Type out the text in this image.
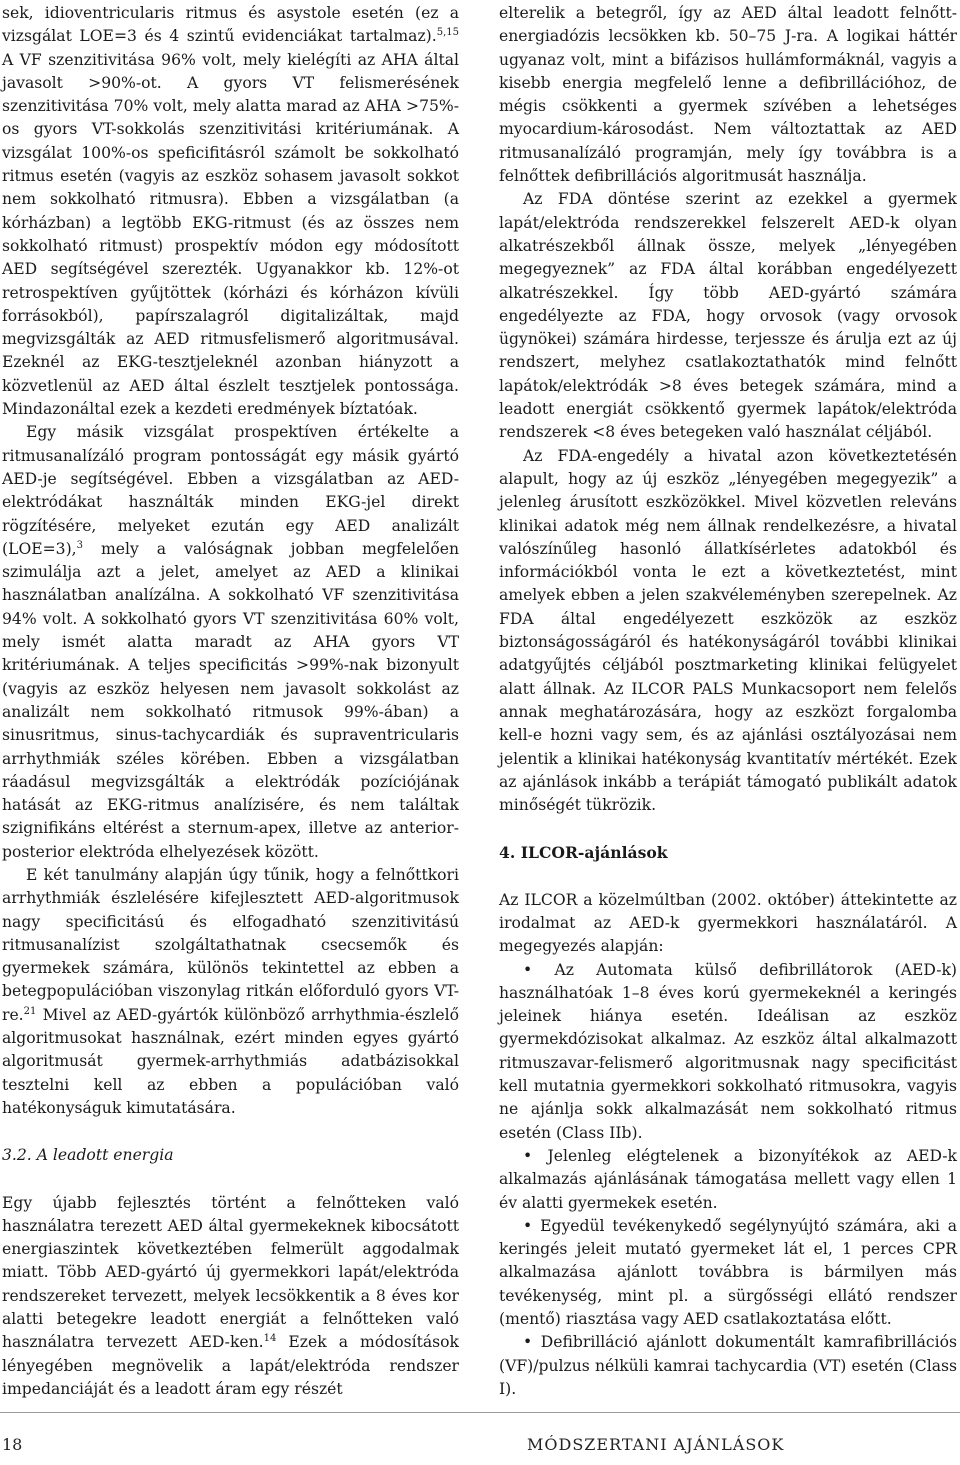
sek, idioventricularis ritmus és asystole esetén (ez a vizsgálat LOE=3 és 4 szintű evidenciákat tartalmaz).$^{5,15}$ A VF szenzitivitása 96% volt, mely kielégíti az AHA által javasolt >90%-ot. A gyors VT felismerésének szenzitivitása 70% volt, mely alatta marad az AHA >75%-os gyors VT-sokkolás szenzitivitási kritériumának. A vizsgálat 100%-os speficifitásról számolt be sokkolható ritmus esetén (vagyis az eszköz sohasem javasolt sokkot nem sokkolható ritmusra). Ebben a vizsgálatban (a kórházban) a legtöbb EKG-ritmust (és az összes nem sokkolható ritmust) prospektív módon egy módosított AED segítségével szerezték. Ugyanakkor kb. 12%-ot retrospektíven gyűjtöttek (kórházi és kórházon kívüli forrásokból), papírszalagról digitalizáltak, majd megvizsgálták az AED ritmusfelismerő algoritmusával. Ezeknél az EKG-tesztjeleknél azonban hiányzott a közvetlenül az AED által észlelt tesztjelek pontossága. Mindazonáltal ezek a kezdeti eredmények bíztatóak.

Egy másik vizsgálat prospektíven értékelte a ritmusanalízáló program pontosságát egy másik gyártó AED-je segítségével. Ebben a vizsgálatban az AED-elektródákat használták minden EKG-jel direkt rögzítésére, melyeket ezután egy AED analizált (LOE=3),$^3$ mely a valóságnak jobban megfelelően szimulálja azt a jelet, amelyet az AED a klinikai használatban analízálna. A sokkolható VF szenzitivitása 94% volt. A sokkolható gyors VT szenzitivitása 60% volt, mely ismét alatta maradt az AHA gyors VT kritériumának. A teljes specificitás >99%-nak bizonyult (vagyis az eszköz helyesen nem javasolt sokkolást az analizált nem sokkolható ritmusok 99%-ában) a sinusritmus, sinus-tachycardiák és supraventricularis arrhythmiák széles körében. Ebben a vizsgálatban ráadásul megvizsgálták a elektródák pozíciójának hatását az EKG-ritmus analízisére, és nem találtak szignifikáns eltérést a sternum-apex, illetve az anterior-posterior elektróda elhelyezések között.

E két tanulmány alapján úgy tűnik, hogy a felnőttkori arrhythmiák észlelésére kifejlesztett AED-algoritmusok nagy specificitású és elfogadható szenzitivitású ritmusanalízist szolgáltathatnak csecsemők és gyermekek számára, különös tekintettel az ebben a betegpopulációban viszonylag ritkán előforduló gyors VT-re.$^{21}$ Mivel az AED-gyártók különböző arrhythmia-észlelő algoritmusokat használnak, ezért minden egyes gyártó algoritmusát gyermek-arrhythmiás adatbázisokkal tesztelni kell az ebben a populációban való hatékonyságuk kimutatására.

3.2. A leadott energia

Egy újabb fejlesztés történt a felnőtteken való használatra terezett AED által gyermekeknek kibocsátott energiaszintek következtében felmerült aggodalmak miatt. Több AED-gyártó új gyermekkori lapát/elektróda rendszereket tervezett, melyek lecsökkentik a 8 éves kor alatti betegekre leadott energiát a felnőtteken való használatra tervezett AED-ken.$^{14}$ Ezek a módosítások lényegében megnövelik a lapát/elektróda rendszer impedanciáját és a leadott áram egy részét

elterelik a betegről, így az AED által leadott felnőtt-energiadózis lecsökken kb. 50–75 J-ra. A logikai háttér ugyanaz volt, mint a bifázisos hullámformáknál, vagyis a kisebb energia megfelelő lenne a defibrillációhoz, de mégis csökkenti a gyermek szívében a lehetséges myocardium-károsodást. Nem változtattak az AED ritmusanalízáló programján, mely így továbbra is a felnőttek defibrillációs algoritmusát használja.

Az FDA döntése szerint az ezekkel a gyermek lapát/elektróda rendszerekkel felszerelt AED-k olyan alkatrészekből állnak össze, melyek „lényegében megegyeznek” az FDA által korábban engedélyezett alkatrészekkel. Így több AED-gyártó számára engedélyezte az FDA, hogy orvosok (vagy orvosok ügynökei) számára hirdesse, terjessze és árulja ezt az új rendszert, melyhez csatlakoztathatók mind felnőtt lapátok/elektródák >8 éves betegek számára, mind a leadott energiát csökkentő gyermek lapátok/elektróda rendszerek <8 éves betegeken való használat céljából.

Az FDA-engedély a hivatal azon következtetésén alapult, hogy az új eszköz „lényegében megegyezik” a jelenleg árusított eszközökkel. Mivel közvetlen releváns klinikai adatok még nem állnak rendelkezésre, a hivatal valószínűleg hasonló állatkísérletes adatokból és információkból vonta le ezt a következtetést, mint amelyek ebben a jelen szakvéleményben szerepelnek. Az FDA által engedélyezett eszközök az eszköz biztonságosságáról és hatékonyságáról további klinikai adatgyűjtés céljából posztmarketing klinikai felügyelet alatt állnak. Az ILCOR PALS Munkacsoport nem felelős annak meghatározására, hogy az eszközt forgalomba kell-e hozni vagy sem, és az ajánlási osztályozásai nem jelentik a klinikai hatékonyság kvantitatív mértékét. Ezek az ajánlások inkább a terápiát támogató publikált adatok minőségét tükrözik.

4. ILCOR-ajánlások

Az ILCOR a közelmúltban (2002. október) áttekintette az irodalmat az AED-k gyermekkori használatáról. A megegyezés alapján:

• Az Automata külső defibrillátorok (AED-k) használhatóak 1–8 éves korú gyermekeknél a keringés jeleinek hiánya esetén. Ideálisan az eszköz gyermekdózisokat alkalmaz. Az eszköz által alkalmazott ritmuszavar-felismerő algoritmusnak nagy specificitást kell mutatnia gyermekkori sokkolható ritmusokra, vagyis ne ajánlja sokk alkalmazását nem sokkolható ritmus esetén (Class IIb).

• Jelenleg elégtelenek a bizonyítékok az AED-k alkalmazás ajánlásának támogatása mellett vagy ellen 1 év alatti gyermekek esetén.

• Egyedül tevékenykedő segélynyújtó számára, aki a keringés jeleit mutató gyermeket lát el, 1 perces CPR alkalmazása ajánlott továbbra is bármilyen más tevékenység, mint pl. a sürgősségi ellátó rendszer (mentő) riasztása vagy AED csatlakoztatása előtt.

• Defibrilláció ajánlott dokumentált kamrafibrillációs (VF)/pulzus nélküli kamrai tachycardia (VT) esetén (Class I).

18	MÓDSZERTANI AJÁNLÁSOK
